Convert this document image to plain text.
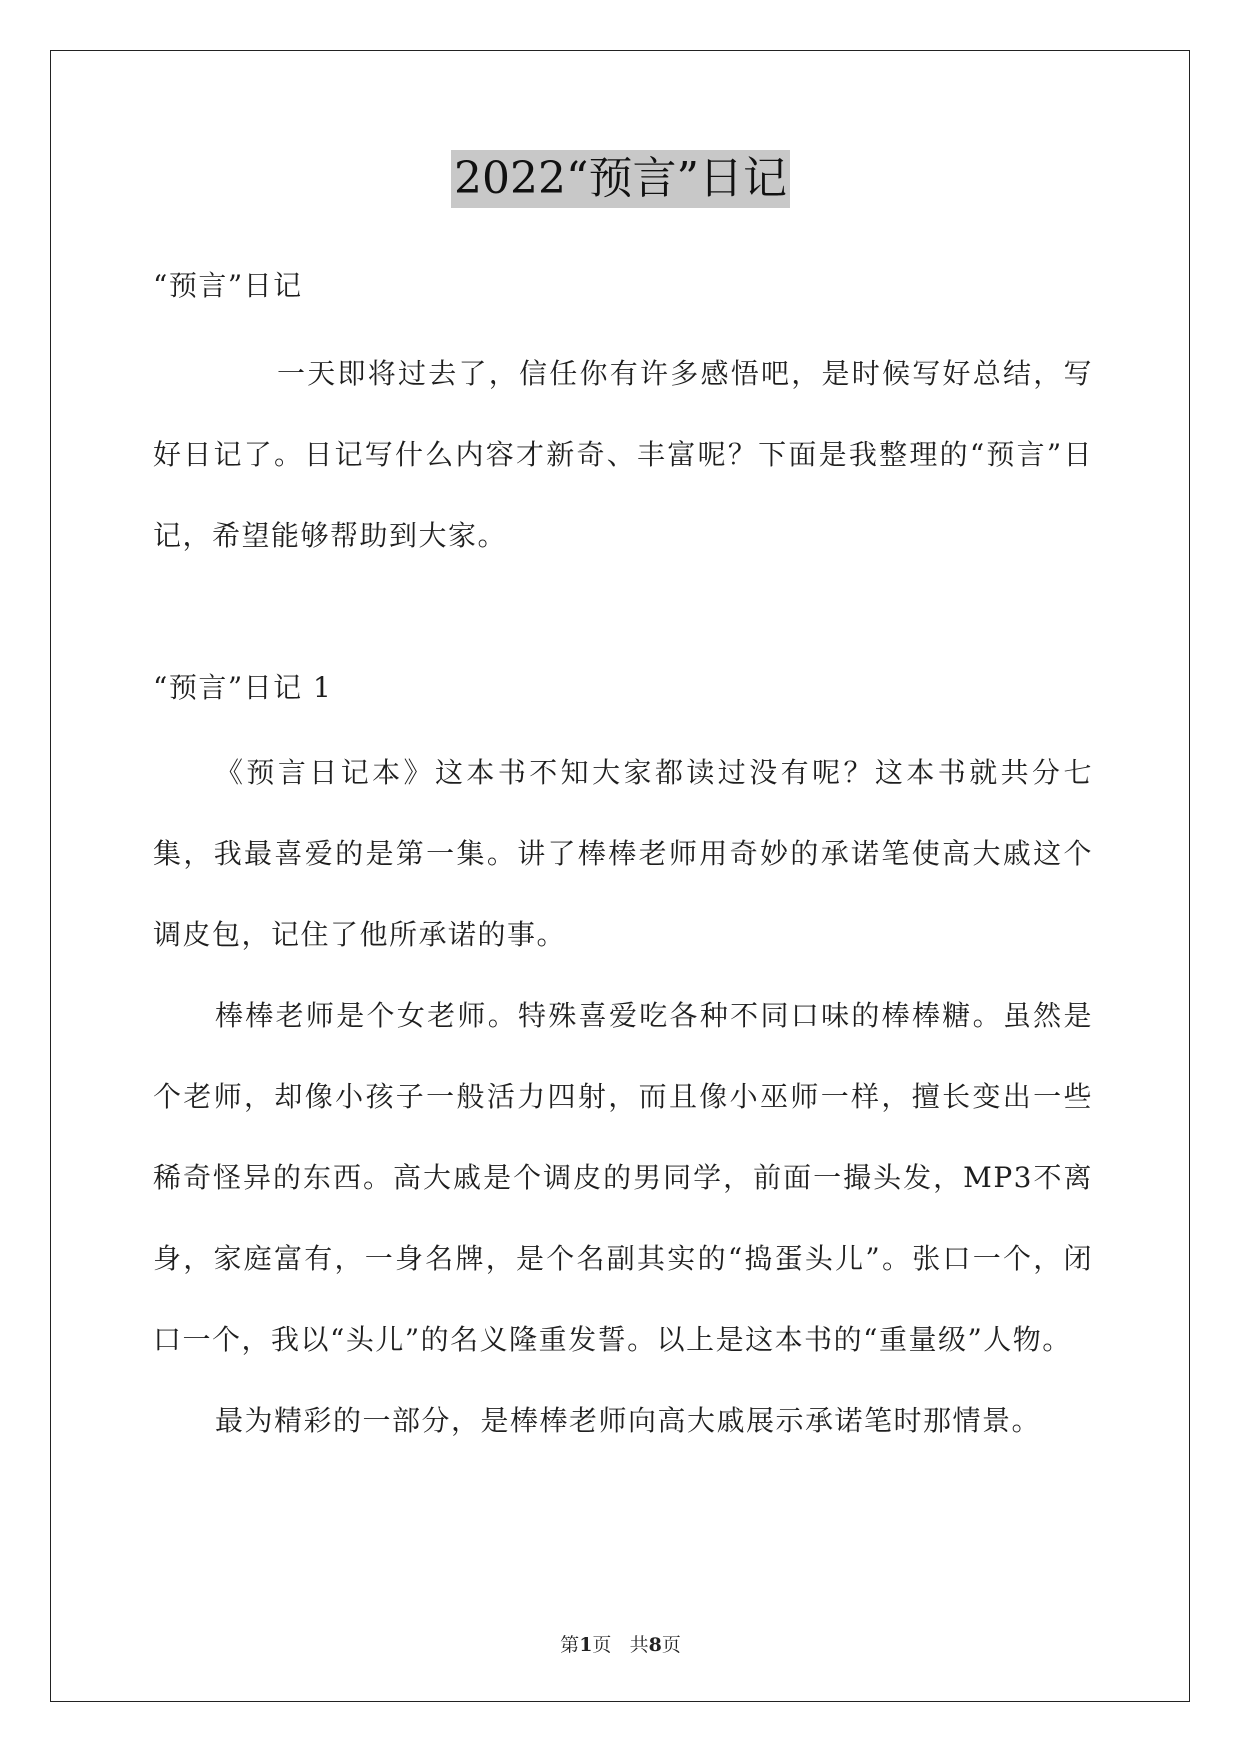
2022“预言”日记
“预言”日记
一天即将过去了，信任你有许多感悟吧，是时候写好总结，写好日记了。日记写什么内容才新奇、丰富呢？下面是我整理的“预言”日记，希望能够帮助到大家。
“预言”日记 1
《预言日记本》这本书不知大家都读过没有呢？这本书就共分七集，我最喜爱的是第一集。讲了棒棒老师用奇妙的承诺笔使高大戚这个调皮包，记住了他所承诺的事。
棒棒老师是个女老师。特殊喜爱吃各种不同口味的棒棒糖。虽然是个老师，却像小孩子一般活力四射，而且像小巫师一样，擅长变出一些稀奇怪异的东西。高大戚是个调皮的男同学，前面一撮头发，MP3不离身，家庭富有，一身名牌，是个名副其实的“捣蛋头儿”。张口一个，闭口一个，我以“头儿”的名义隆重发誓。以上是这本书的“重量级”人物。
最为精彩的一部分，是棒棒老师向高大戚展示承诺笔时那情景。
第1页 共8页
